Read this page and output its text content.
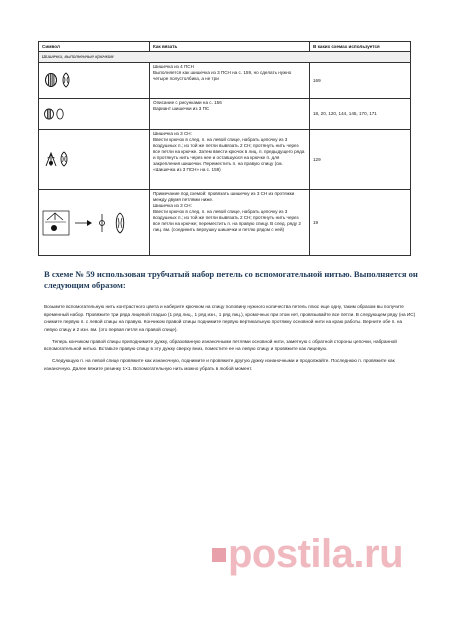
Символ	Как вязать	В каких схемах используется
Шишечки, выполненные крючком		

Шишечка из 4 ПСН
Выполняется как шишечка из 3 ПСН на с. 159, но сделать нужно четыре полустолбика, а не три	169

Описание с рисунками на с. 156
Вариант шишечки из 3 ПС	18, 20, 120, 144, 145, 170, 171

Шишечка из 3 СН:
Ввести крючок в след. п. на левой спице, набрать цепочку из 3 воздушных п.; из той же петли вывязать 2 СН; протянуть нить через все петли на крючке. Затем ввести крючок в лиц. п. предыдущего ряда и протянуть нить через нее и оставшуюся на крючке п. для закрепления шишечки. Переместить п. на правую спицу (см. «Шишечка из 3 ПСН» на с. 159)	129

Примечание под схемой: провязать шишечку из 3 СН из протяжки между двумя петлями ниже.
Шишечка из 3 СН:
Ввести крючок в след. п. на левой спице, набрать цепочку из 3 воздушных п.; из той же петли вывязать 2 СН; протянуть нить через все петли на крючке; переместить п. на правую спицу. В след. ряду 2 лиц. вм. (соединить верхушку шишечки и петлю рядом с ней)	19
В схеме № 59 использован трубчатый набор петель со вспомогательной нитью. Выполняется он следующим образом:

Возьмите вспомогательную нить контрастного цвета и наберите крючком на спицу половину нужного количества петель плюс еще одну, таким образом вы получите временный набор. Провяжите три ряда лицевой гладью (1 ряд лиц., 1 ряд изн., 1 ряд лиц.), кромочных при этом нет, провязывайте все петли. В следующем ряду (на ИС) снимите первую п. с левой спицы на правую. Кончиком правой спицы поднимите первую вертикальную протяжку основной нити на краю работы. Верните обе п. на левую спицу и 2 изн. вм. (это первая петля на правой спице).

Теперь кончиком правой спицы приподнимите дужку, образованную изнаночными петлями основной нити, заметную с обратной стороны цепочки, набранной вспомогательной нитью. Вставьте правую спицу в эту дужку сверху вниз, поместите ее на левую спицу и провяжите как лицевую.

Следующую п. на левой спице провяжите как изнаночную, поднимите и провяжите другую дужку изнаночными и продолжайте. Последнюю п. провяжите как изнаночную. Далее вяжите резинку 1×1. Вспомогательную нить можно убрать в любой момент.

postila.ru
